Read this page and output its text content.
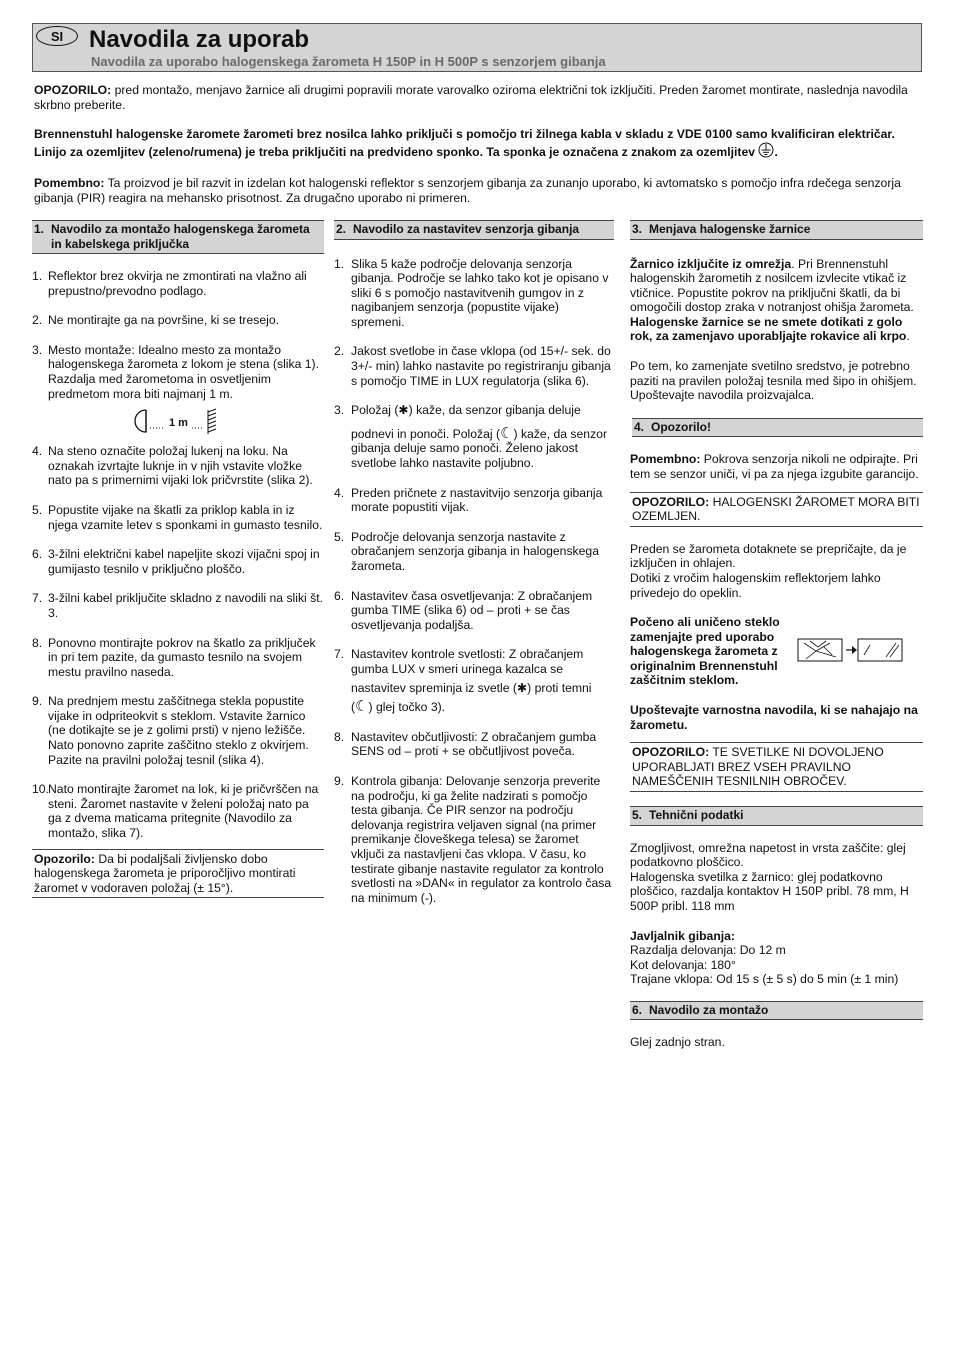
SI	Navodila za uporab
Navodila za uporabo halogenskega žarometa H 150P in H 500P s senzorjem gibanja

OPOZORILO: pred montažo, menjavo žarnice ali drugimi popravili morate varovalko oziroma električni tok izključiti. Preden žaromet montirate, naslednja navodila skrbno preberite.

Brennenstuhl halogenske žaromete žarometi brez nosilca lahko priključi s pomočjo tri žilnega kabla v skladu z VDE 0100 samo kvalificiran električar. Linijo za ozemljitev (zeleno/rumena) je treba priključiti na predvideno sponko. Ta sponka je označena z znakom za ozemljitev .

Pomembno: Ta proizvod je bil razvit in izdelan kot halogenski reflektor s senzorjem gibanja za zunanjo uporabo, ki avtomatsko s pomočjo infra rdečega senzorja gibanja (PIR) reagira na mehansko prisotnost. Za drugačno uporabo ni primeren.

1. Navodilo za montažo halogenskega žarometa in kabelskega priključka
1. Reflektor brez okvirja ne zmontirati na vlažno ali prepustno/prevodno podlago.
2. Ne montirajte ga na površine, ki se tresejo.
3. Mesto montaže: Idealno mesto za montažo halogenskega žarometa z lokom je stena (slika 1). Razdalja med žarometoma in osvetljenim predmetom mora biti najmanj 1 m.
1 m
4. Na steno označite položaj lukenj na loku. Na oznakah izvrtajte luknje in v njih vstavite vložke nato pa s primernimi vijaki lok pričvrstite (slika 2).
5. Popustite vijake na škatli za priklop kabla in iz njega vzamite letev s sponkami in gumasto tesnilo.
6. 3-žilni električni kabel napeljite skozi vijačni spoj in gumijasto tesnilo v priključno ploščo.
7. 3-žilni kabel priključite skladno z navodili na sliki št. 3.
8. Ponovno montirajte pokrov na škatlo za priključek in pri tem pazite, da gumasto tesnilo na svojem mestu pravilno naseda.
9. Na prednjem mestu zaščitnega stekla popustite vijake in odpriteokvit s steklom. Vstavite žarnico (ne dotikajte se je z golimi prsti) v njeno ležišče. Nato ponovno zaprite zaščitno steklo z okvirjem. Pazite na pravilni položaj tesnil (slika 4).
10. Nato montirajte žaromet na lok, ki je pričvrščen na steni. Žaromet nastavite v želeni položaj nato pa ga z dvema maticama pritegnite (Navodilo za montažo, slika 7).
Opozorilo: Da bi podaljšali življensko dobo halogenskega žarometa je priporočljivo montirati žaromet v vodoraven položaj (± 15°).
2. Navodilo za nastavitev senzorja gibanja
1. Slika 5 kaže področje delovanja senzorja gibanja. Področje se lahko tako kot je opisano v sliki 6 s pomočjo nastavitvenih gumgov in z nagibanjem senzorja (popustite vijake) spremeni.
2. Jakost svetlobe in čase vklopa (od 15+/- sek. do 3+/- min) lahko nastavite po registriranju gibanja s pomočjo TIME in LUX regulatorja (slika 6).
3. Položaj (✱) kaže, da senzor gibanja deluje
podnevi in ponoči. Položaj (☾) kaže, da senzor gibanja deluje samo ponoči. Želeno jakost svetlobe lahko nastavite poljubno.
4. Preden pričnete z nastavitvijo senzorja gibanja morate popustiti vijak.
5. Področje delovanja senzorja nastavite z obračanjem senzorja gibanja in halogenskega žarometa.
6. Nastavitev časa osvetljevanja: Z obračanjem gumba TIME (slika 6) od – proti + se čas osvetljevanja podaljša.
7. Nastavitev kontrole svetlosti: Z obračanjem gumba LUX v smeri urinega kazalca se
nastavitev spreminja iz svetle (✱) proti temni
(☾) glej točko 3).
8. Nastavitev občutljivosti: Z obračanjem gumba SENS od – proti + se občutljivost poveča.
9. Kontrola gibanja: Delovanje senzorja preverite na področju, ki ga želite nadzirati s pomočjo testa gibanja. Če PIR senzor na področju delovanja registrira veljaven signal (na primer premikanje človeškega telesa) se žaromet vključi za nastavljeni čas vklopa. V času, ko testirate gibanje nastavite regulator za kontrolo svetlosti na »DAN« in regulator za kontrolo časa na minimum (-).
3. Menjava halogenske žarnice

Žarnico izključite iz omrežja. Pri Brennenstuhl halogenskih žarometih z nosilcem izvlecite vtikač iz vtičnice. Popustite pokrov na priključni škatli, da bi omogočili dostop zraka v notranjost ohišja žarometa. Halogenske žarnice se ne smete dotikati z golo rok, za zamenjavo uporabljajte rokavice ali krpo.

Po tem, ko zamenjate svetilno sredstvo, je potrebno paziti na pravilen položaj tesnila med šipo in ohišjem. Upoštevajte navodila proizvajalca.

4. Opozorilo!

Pomembno: Pokrova senzorja nikoli ne odpirajte. Pri tem se senzor uniči, vi pa za njega izgubite garancijo.

OPOZORILO: HALOGENSKI ŽAROMET MORA BITI OZEMLJEN.

Preden se žarometa dotaknete se prepričajte, da je izključen in ohlajen.

Dotiki z vročim halogenskim reflektorjem lahko privedejo do opeklin.

Počeno ali uničeno steklo zamenjajte pred uporabo halogenskega žarometa z originalnim Brennenstuhl zaščitnim steklom.

Upoštevajte varnostna navodila, ki se nahajajo na žarometu.

OPOZORILO: TE SVETILKE NI DOVOLJENO UPORABLJATI BREZ VSEH PRAVILNO NAMEŠČENIH TESNILNIH OBROČEV.
5. Tehnični podatki

Zmogljivost, omrežna napetost in vrsta zaščite: glej podatkovno ploščico.

Halogenska svetilka z žarnico: glej podatkovno ploščico, razdalja kontaktov H 150P pribl. 78 mm, H 500P pribl. 118 mm

Javljalnik gibanja:

Razdalja delovanja: Do 12 m

Kot delovanja: 180°

Trajane vklopa: Od 15 s (± 5 s) do 5 min (± 1 min)

6. Navodilo za montažo

Glej zadnjo stran.
